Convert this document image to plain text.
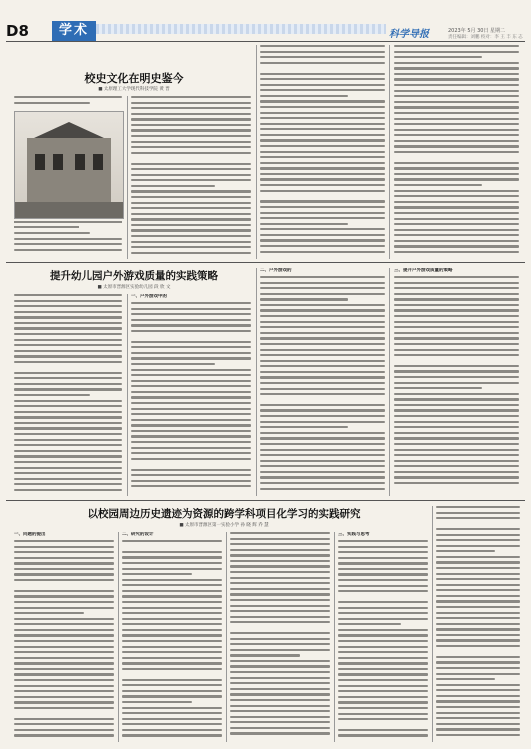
D8	学术	科学导报	2023年 5月 30日 星期二
责任编辑：刘鹏 校对：李 王 丰 东 志
校史文化在明史鉴今
■ 太原理工大学现代科技学院 黄 晋
提升幼儿园户外游戏质量的实践策略
■ 太原市晋源区实验幼儿园 段 欣 文
一、户外游戏中的
二、户外游戏的	三、提升户外游戏质量的策略
以校园周边历史遗迹为资源的跨学科项目化学习的实践研究
■ 太原市晋源区第一实验小学 孙 晓 辉 乔 慧
一、问题的提出	二、研究的设计	三、实践与思考
